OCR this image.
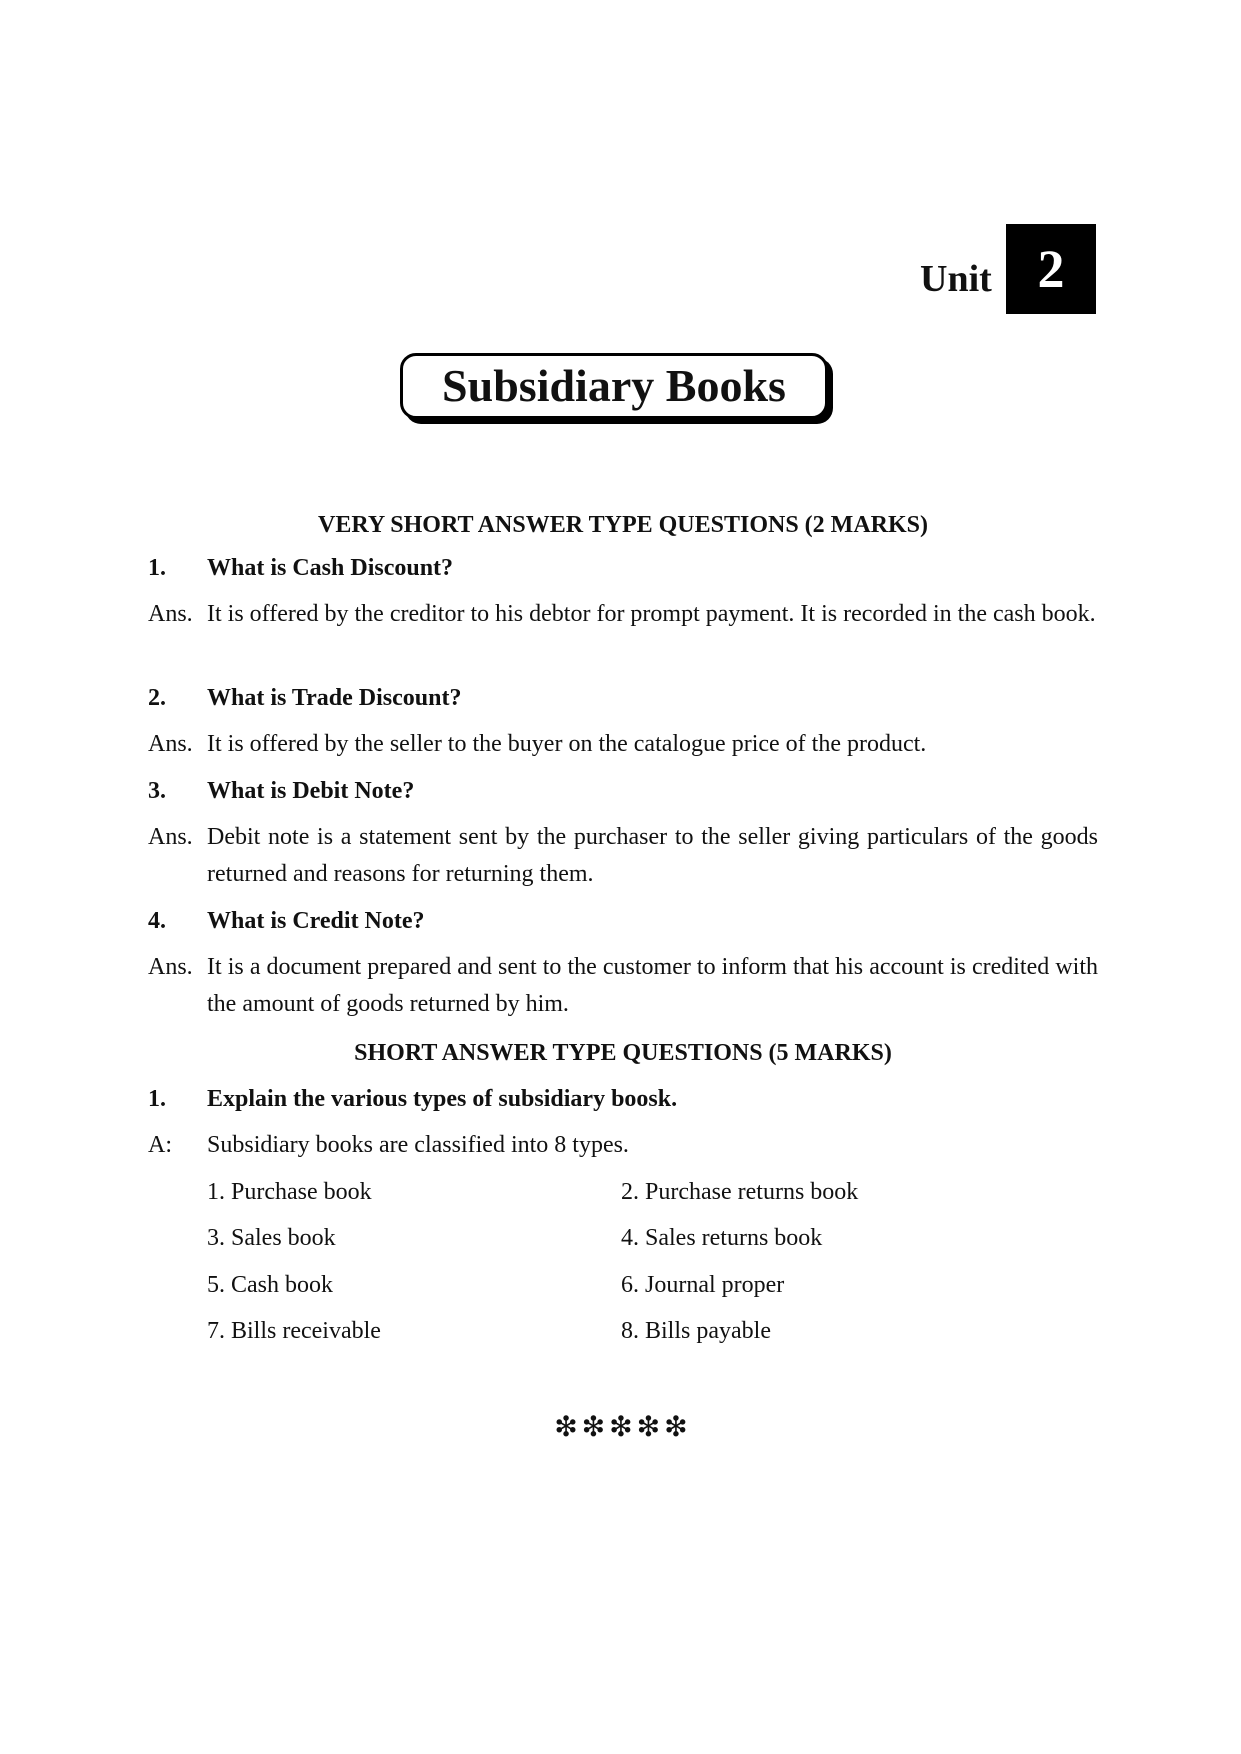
Unit 2
Subsidiary Books
VERY SHORT ANSWER TYPE QUESTIONS (2 MARKS)
1. What is Cash Discount?
Ans. It is offered by the creditor to his debtor for prompt payment. It is recorded in the cash book.
2. What is Trade Discount?
Ans. It is offered by the seller to the buyer on the catalogue price of the product.
3. What is Debit Note?
Ans. Debit note is a statement sent by the purchaser to the seller giving particulars of the goods returned and reasons for returning them.
4. What is Credit Note?
Ans. It is a document prepared and sent to the customer to inform that his account is credited with the amount of goods returned by him.
SHORT ANSWER TYPE QUESTIONS (5 MARKS)
1. Explain the various types of subsidiary boosk.
A: Subsidiary books are classified into 8 types.
1. Purchase book	2. Purchase returns book
3. Sales book	4. Sales returns book
5. Cash book	6. Journal proper
7. Bills receivable	8. Bills payable
❇❇❇❇❇
